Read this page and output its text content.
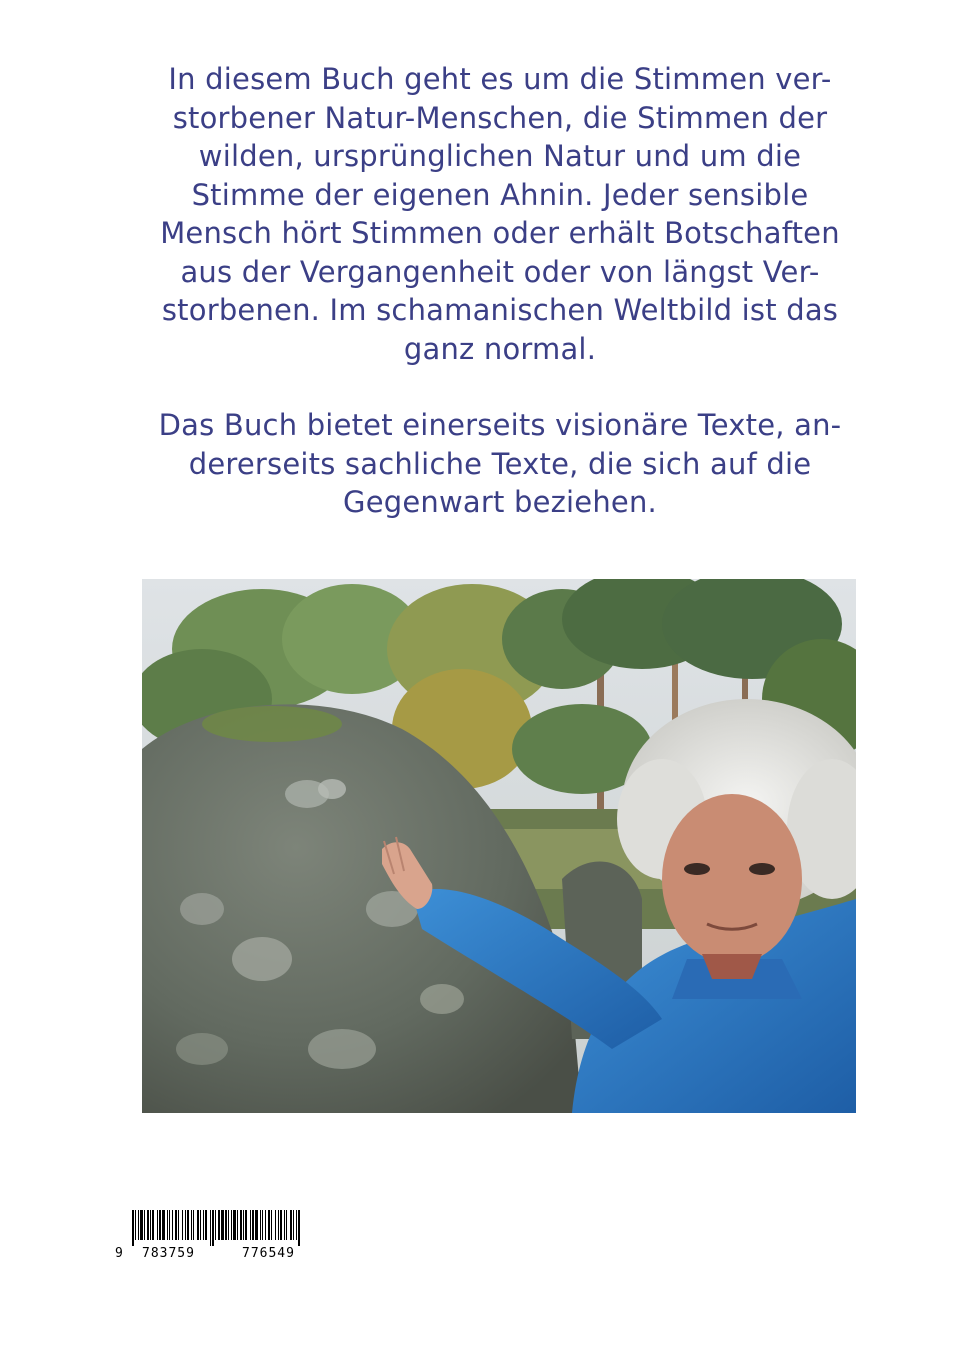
In diesem Buch geht es um die Stimmen ver-

storbener Natur-Menschen, die Stimmen der

wilden, ursprünglichen Natur und um die

Stimme der eigenen Ahnin. Jeder sensible

Mensch hört Stimmen oder erhält Botschaften

aus der Vergangenheit oder von längst Ver-

storbenen. Im schamanischen Weltbild ist das

ganz normal.

Das Buch bietet einerseits visionäre Texte, an-

dererseits sachliche Texte, die sich auf die

Gegenwart beziehen.

9 783759	776549
